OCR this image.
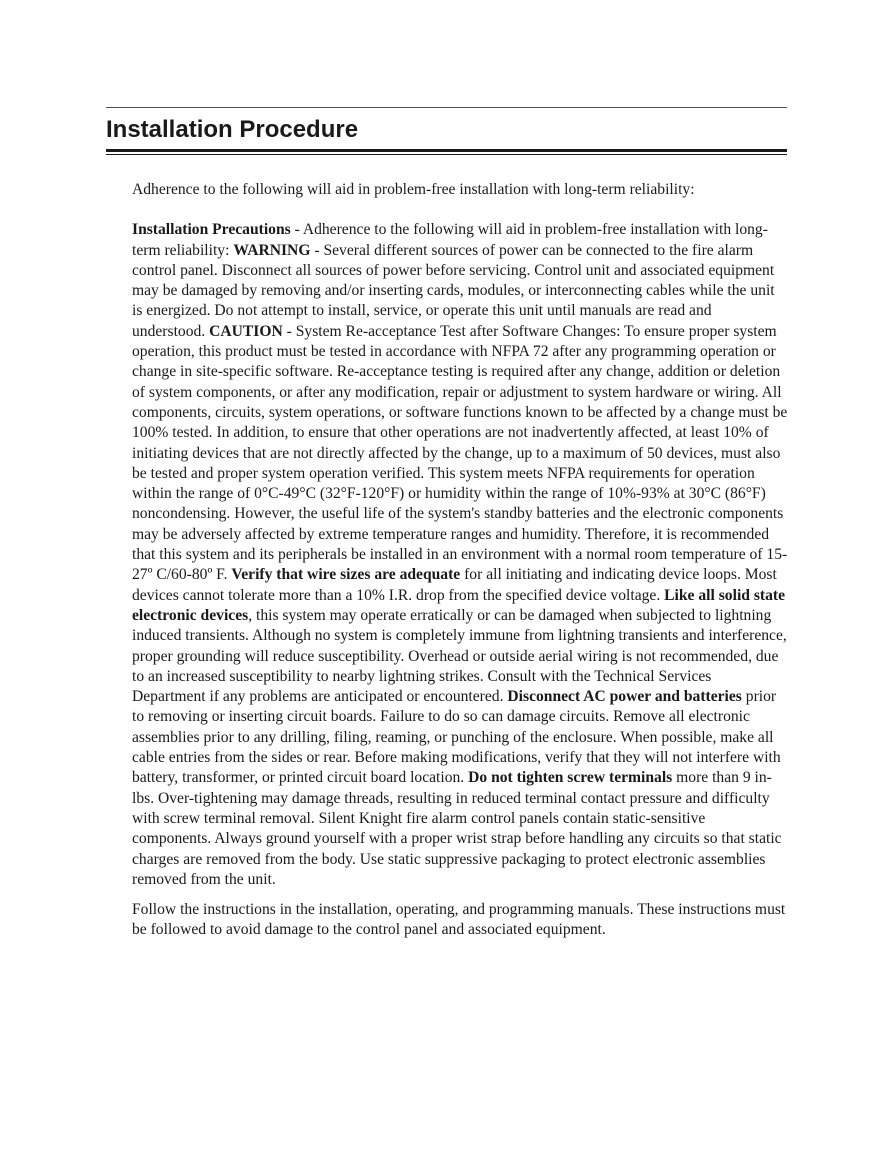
Installation Procedure

Adherence to the following will aid in problem-free installation with long-term reliability:

Installation Precautions - Adherence to the following will aid in problem-free installation with long-term reliability: WARNING - Several different sources of power can be connected to the fire alarm control panel. Disconnect all sources of power before servicing. Control unit and associated equipment may be damaged by removing and/or inserting cards, modules, or interconnecting cables while the unit is energized. Do not attempt to install, service, or operate this unit until manuals are read and understood. CAUTION - System Re-acceptance Test after Software Changes: To ensure proper system operation, this product must be tested in accordance with NFPA 72 after any programming operation or change in site-specific software. Re-acceptance testing is required after any change, addition or deletion of system components, or after any modification, repair or adjustment to system hardware or wiring. All components, circuits, system operations, or software functions known to be affected by a change must be 100% tested. In addition, to ensure that other operations are not inadvertently affected, at least 10% of initiating devices that are not directly affected by the change, up to a maximum of 50 devices, must also be tested and proper system operation verified. This system meets NFPA requirements for operation within the range of 0°C-49°C (32°F-120°F) or humidity within the range of 10%-93% at 30°C (86°F) noncondensing. However, the useful life of the system's standby batteries and the electronic components may be adversely affected by extreme temperature ranges and humidity. Therefore, it is recommended that this system and its peripherals be installed in an environment with a normal room temperature of 15-27º C/60-80º F. Verify that wire sizes are adequate for all initiating and indicating device loops. Most devices cannot tolerate more than a 10% I.R. drop from the specified device voltage. Like all solid state electronic devices, this system may operate erratically or can be damaged when subjected to lightning induced transients. Although no system is completely immune from lightning transients and interference, proper grounding will reduce susceptibility. Overhead or outside aerial wiring is not recommended, due to an increased susceptibility to nearby lightning strikes. Consult with the Technical Services Department if any problems are anticipated or encountered. Disconnect AC power and batteries prior to removing or inserting circuit boards. Failure to do so can damage circuits. Remove all electronic assemblies prior to any drilling, filing, reaming, or punching of the enclosure. When possible, make all cable entries from the sides or rear. Before making modifications, verify that they will not interfere with battery, transformer, or printed circuit board location. Do not tighten screw terminals more than 9 in-lbs. Over-tightening may damage threads, resulting in reduced terminal contact pressure and difficulty with screw terminal removal. Silent Knight fire alarm control panels contain static-sensitive components. Always ground yourself with a proper wrist strap before handling any circuits so that static charges are removed from the body. Use static suppressive packaging to protect electronic assemblies removed from the unit.

Follow the instructions in the installation, operating, and programming manuals. These instructions must be followed to avoid damage to the control panel and associated equipment.
